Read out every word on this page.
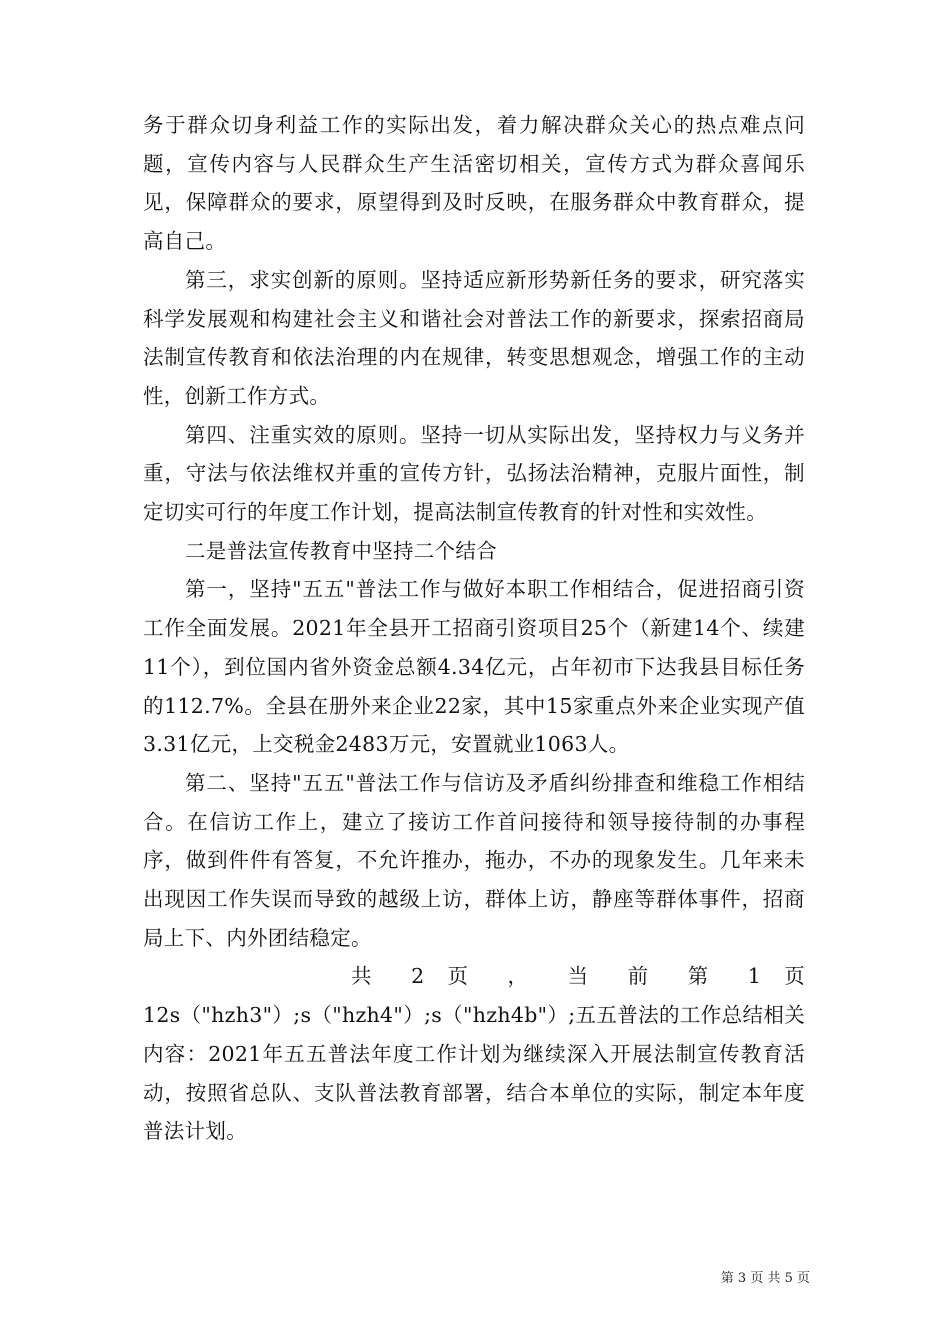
务于群众切身利益工作的实际出发，着力解决群众关心的热点难点问题，宣传内容与人民群众生产生活密切相关，宣传方式为群众喜闻乐见，保障群众的要求，原望得到及时反映，在服务群众中教育群众，提高自己。

第三，求实创新的原则。坚持适应新形势新任务的要求，研究落实科学发展观和构建社会主义和谐社会对普法工作的新要求，探索招商局法制宣传教育和依法治理的内在规律，转变思想观念，增强工作的主动性，创新工作方式。

第四、注重实效的原则。坚持一切从实际出发，坚持权力与义务并重，守法与依法维权并重的宣传方针，弘扬法治精神，克服片面性，制定切实可行的年度工作计划，提高法制宣传教育的针对性和实效性。

二是普法宣传教育中坚持二个结合

第一，坚持"五五"普法工作与做好本职工作相结合，促进招商引资工作全面发展。2021年全县开工招商引资项目25个（新建14个、续建11个），到位国内省外资金总额4.34亿元，占年初市下达我县目标任务的112.7%。全县在册外来企业22家，其中15家重点外来企业实现产值3.31亿元，上交税金2483万元，安置就业1063人。

第二、坚持"五五"普法工作与信访及矛盾纠纷排查和维稳工作相结合。在信访工作上，建立了接访工作首问接待和领导接待制的办事程序，做到件件有答复，不允许推办，拖办，不办的现象发生。几年来未出现因工作失误而导致的越级上访，群体上访，静座等群体事件，招商局上下、内外团结稳定。

共 2 页 ， 当 前 第 1 页

12s（"hzh3"）;s（"hzh4"）;s（"hzh4b"）;五五普法的工作总结相关内容：2021年五五普法年度工作计划为继续深入开展法制宣传教育活动，按照省总队、支队普法教育部署，结合本单位的实际，制定本年度普法计划。

第 3 页 共 5 页
